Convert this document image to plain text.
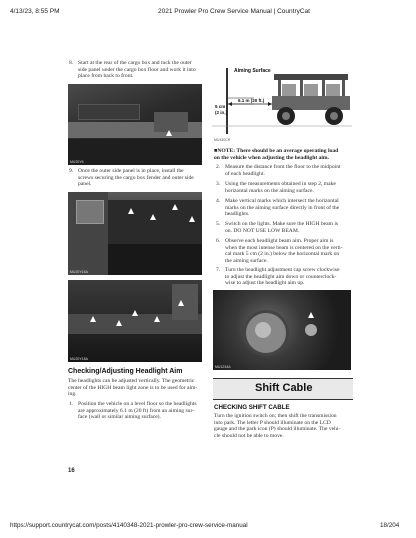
4/13/23, 8:55 PM	2021 Prowler Pro Crew Service Manual | CountryCat
8. Start at the rear of the cargo box and tuck the outer
side panel under the cargo box floor and work it into
place from back to front.
MU20Y6
9. Once the outer side panel is in place, install the
screws securing the cargo box fender and outer side
panel.
MU20Y16A
MU20Y18A
Checking/Adjusting Headlight Aim
The headlights can be adjusted vertically. The geometric
center of the HIGH beam light zone is to be used for aim-
ing.
1. Position the vehicle on a level floor so the headlights
are approximately 6.1 m (20 ft) from an aiming sur-
face (wall or similar aiming surface).
Aiming Surface
6.1 m (20 ft.)
5 cm
(2 in.)
MU430CR
■NOTE: There should be an average operating load
on the vehicle when adjusting the headlight aim.
2. Measure the distance from the floor to the midpoint
of each headlight.
3. Using the measurements obtained in step 2, make
horizontal marks on the aiming surface.
4. Make vertical marks which intersect the horizontal
marks on the aiming surface directly in front of the
headlights.
5. Switch on the lights. Make sure the HIGH beam is
on. DO NOT USE LOW BEAM.
6. Observe each headlight beam aim. Proper aim is
when the most intense beam is centered on the verti-
cal mark 5 cm (2 in.) below the horizontal mark on
the aiming surface.
7. Turn the headlight adjustment cap screw clockwise
to adjust the headlight aim down or counterclock-
wise to adjust the headlight aim up.
MU1234A
Shift Cable
CHECKING SHIFT CABLE
Turn the ignition switch on; then shift the transmission
into park. The letter P should illuminate on the LCD
gauge and the park icon (P) should illuminate. The vehi-
cle should not be able to move.
16
https://support.countrycat.com/posts/4140348-2021-prowler-pro-crew-service-manual	18/204
